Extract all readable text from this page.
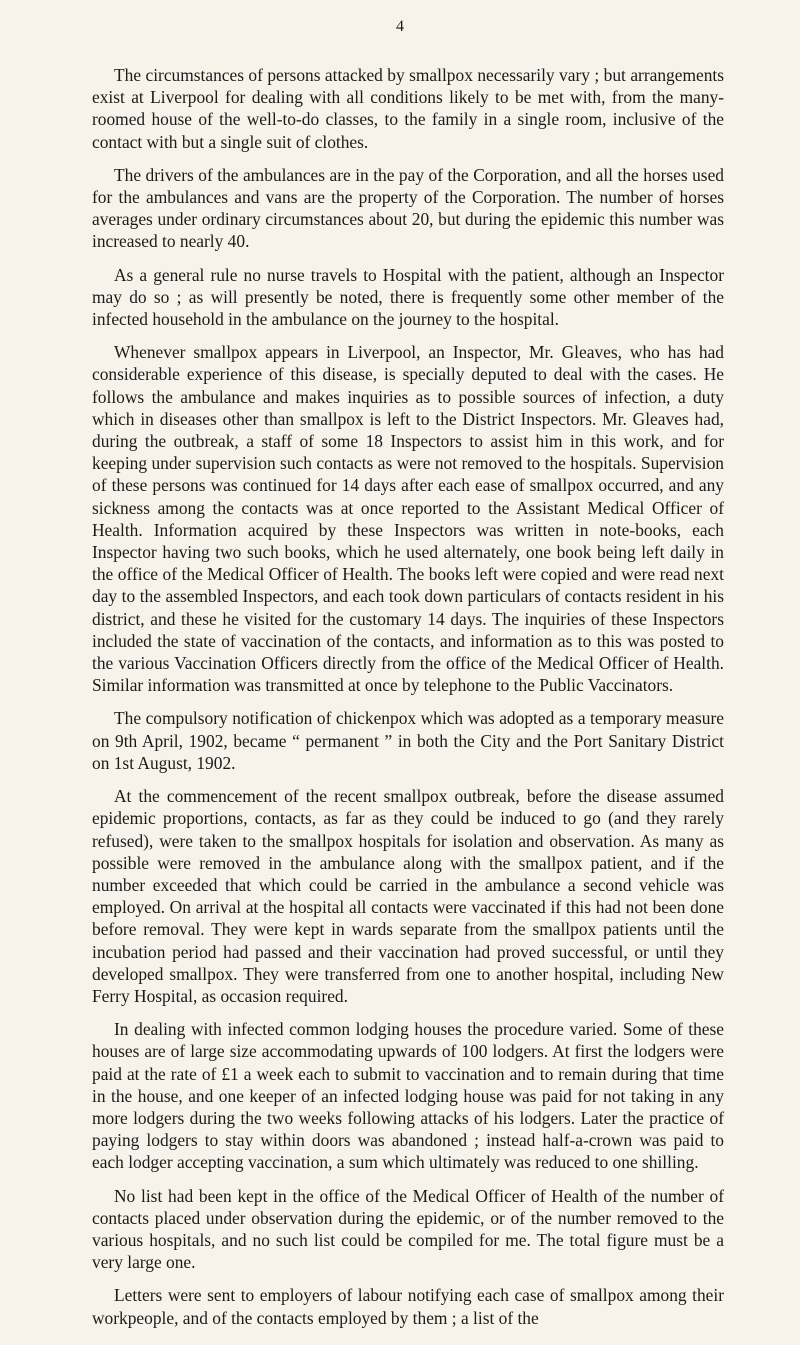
4

The circumstances of persons attacked by smallpox necessarily vary ; but arrangements exist at Liverpool for dealing with all conditions likely to be met with, from the many-roomed house of the well-to-do classes, to the family in a single room, inclusive of the contact with but a single suit of clothes.

The drivers of the ambulances are in the pay of the Corporation, and all the horses used for the ambulances and vans are the property of the Corporation. The number of horses averages under ordinary circumstances about 20, but during the epidemic this number was increased to nearly 40.

As a general rule no nurse travels to Hospital with the patient, although an Inspector may do so ; as will presently be noted, there is frequently some other member of the infected household in the ambulance on the journey to the hospital.

Whenever smallpox appears in Liverpool, an Inspector, Mr. Gleaves, who has had considerable experience of this disease, is specially deputed to deal with the cases. He follows the ambulance and makes inquiries as to possible sources of infection, a duty which in diseases other than smallpox is left to the District Inspectors. Mr. Gleaves had, during the outbreak, a staff of some 18 Inspectors to assist him in this work, and for keeping under supervision such contacts as were not removed to the hospitals. Supervision of these persons was continued for 14 days after each ease of smallpox occurred, and any sickness among the contacts was at once reported to the Assistant Medical Officer of Health. Information acquired by these Inspectors was written in note-books, each Inspector having two such books, which he used alternately, one book being left daily in the office of the Medical Officer of Health. The books left were copied and were read next day to the assembled Inspectors, and each took down particulars of contacts resident in his district, and these he visited for the customary 14 days. The inquiries of these Inspectors included the state of vaccination of the contacts, and information as to this was posted to the various Vaccination Officers directly from the office of the Medical Officer of Health. Similar information was transmitted at once by telephone to the Public Vaccinators.

The compulsory notification of chickenpox which was adopted as a temporary measure on 9th April, 1902, became “ permanent ” in both the City and the Port Sanitary District on 1st August, 1902.

At the commencement of the recent smallpox outbreak, before the disease assumed epidemic proportions, contacts, as far as they could be induced to go (and they rarely refused), were taken to the smallpox hospitals for isolation and observation. As many as possible were removed in the ambulance along with the smallpox patient, and if the number exceeded that which could be carried in the ambulance a second vehicle was employed. On arrival at the hospital all contacts were vaccinated if this had not been done before removal. They were kept in wards separate from the smallpox patients until the incubation period had passed and their vaccination had proved successful, or until they developed smallpox. They were transferred from one to another hospital, including New Ferry Hospital, as occasion required.

In dealing with infected common lodging houses the procedure varied. Some of these houses are of large size accommodating upwards of 100 lodgers. At first the lodgers were paid at the rate of £1 a week each to submit to vaccination and to remain during that time in the house, and one keeper of an infected lodging house was paid for not taking in any more lodgers during the two weeks following attacks of his lodgers. Later the practice of paying lodgers to stay within doors was abandoned ; instead half-a-crown was paid to each lodger accepting vaccination, a sum which ultimately was reduced to one shilling.

No list had been kept in the office of the Medical Officer of Health of the number of contacts placed under observation during the epidemic, or of the number removed to the various hospitals, and no such list could be compiled for me. The total figure must be a very large one.

Letters were sent to employers of labour notifying each case of smallpox among their workpeople, and of the contacts employed by them ; a list of the
